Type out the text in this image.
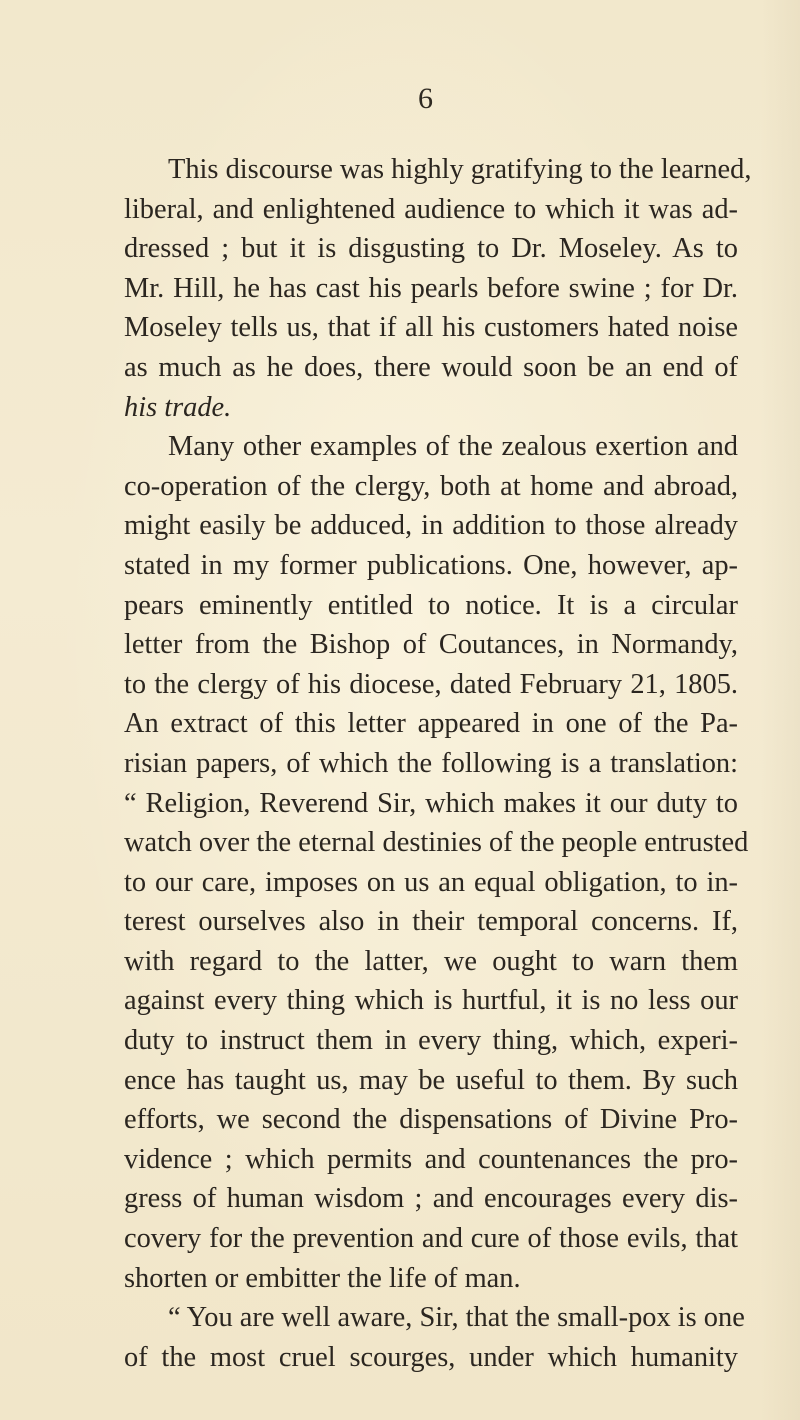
6
This discourse was highly gratifying to the learned,
liberal, and enlightened audience to which it was ad-
dressed ; but it is disgusting to Dr. Moseley. As to
Mr. Hill, he has cast his pearls before swine ; for Dr.
Moseley tells us, that if all his customers hated noise
as much as he does, there would soon be an end of
his trade.
Many other examples of the zealous exertion and
co-operation of the clergy, both at home and abroad,
might easily be adduced, in addition to those already
stated in my former publications. One, however, ap-
pears eminently entitled to notice. It is a circular
letter from the Bishop of Coutances, in Normandy,
to the clergy of his diocese, dated February 21, 1805.
An extract of this letter appeared in one of the Pa-
risian papers, of which the following is a translation:
“ Religion, Reverend Sir, which makes it our duty to
watch over the eternal destinies of the people entrusted
to our care, imposes on us an equal obligation, to in-
terest ourselves also in their temporal concerns. If,
with regard to the latter, we ought to warn them
against every thing which is hurtful, it is no less our
duty to instruct them in every thing, which, experi-
ence has taught us, may be useful to them. By such
efforts, we second the dispensations of Divine Pro-
vidence ; which permits and countenances the pro-
gress of human wisdom ; and encourages every dis-
covery for the prevention and cure of those evils, that
shorten or embitter the life of man.
“ You are well aware, Sir, that the small-pox is one
of the most cruel scourges, under which humanity
